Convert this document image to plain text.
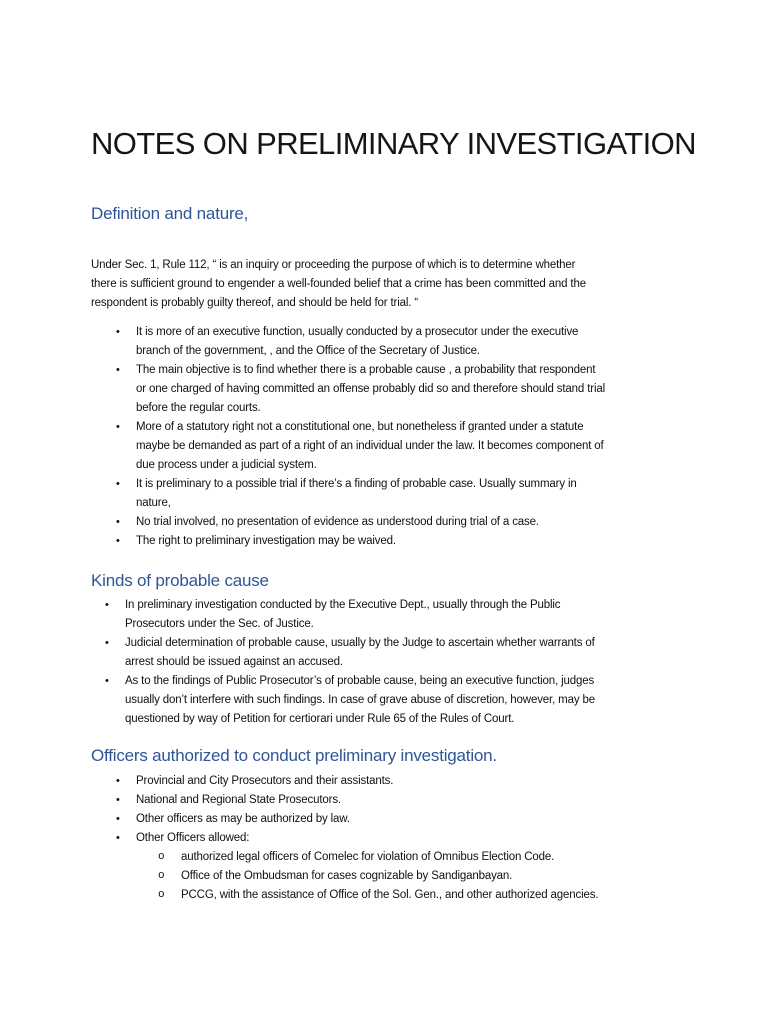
NOTES ON PRELIMINARY INVESTIGATION
Definition and nature,
Under Sec. 1, Rule 112, “ is an inquiry or proceeding the purpose of which is to determine whether
there is sufficient ground to engender a well-founded belief that a crime has been committed and the
respondent is probably guilty thereof, and should be held for trial. “
• It is more of an executive function, usually conducted by a prosecutor under the executive
branch of the government, , and the Office of the Secretary of Justice.
• The main objective is to find whether there is a probable cause , a probability that respondent
or one charged of having committed an offense probably did so and therefore should stand trial
before the regular courts.
• More of a statutory right not a constitutional one, but nonetheless if granted under a statute
maybe be demanded as part of a right of an individual under the law. It becomes component of
due process under a judicial system.
• It is preliminary to a possible trial if there’s a finding of probable case. Usually summary in
nature,
• No trial involved, no presentation of evidence as understood during trial of a case.
• The right to preliminary investigation may be waived.
Kinds of probable cause
• In preliminary investigation conducted by the Executive Dept., usually through the Public
Prosecutors under the Sec. of Justice.
• Judicial determination of probable cause, usually by the Judge to ascertain whether warrants of
arrest should be issued against an accused.
• As to the findings of Public Prosecutor’s of probable cause, being an executive function, judges
usually don’t interfere with such findings. In case of grave abuse of discretion, however, may be
questioned by way of Petition for certiorari under Rule 65 of the Rules of Court.
Officers authorized to conduct preliminary investigation.
• Provincial and City Prosecutors and their assistants.
• National and Regional State Prosecutors.
• Other officers as may be authorized by law.
• Other Officers allowed:
o authorized legal officers of Comelec for violation of Omnibus Election Code.
o Office of the Ombudsman for cases cognizable by Sandiganbayan.
o PCCG, with the assistance of Office of the Sol. Gen., and other authorized agencies.
